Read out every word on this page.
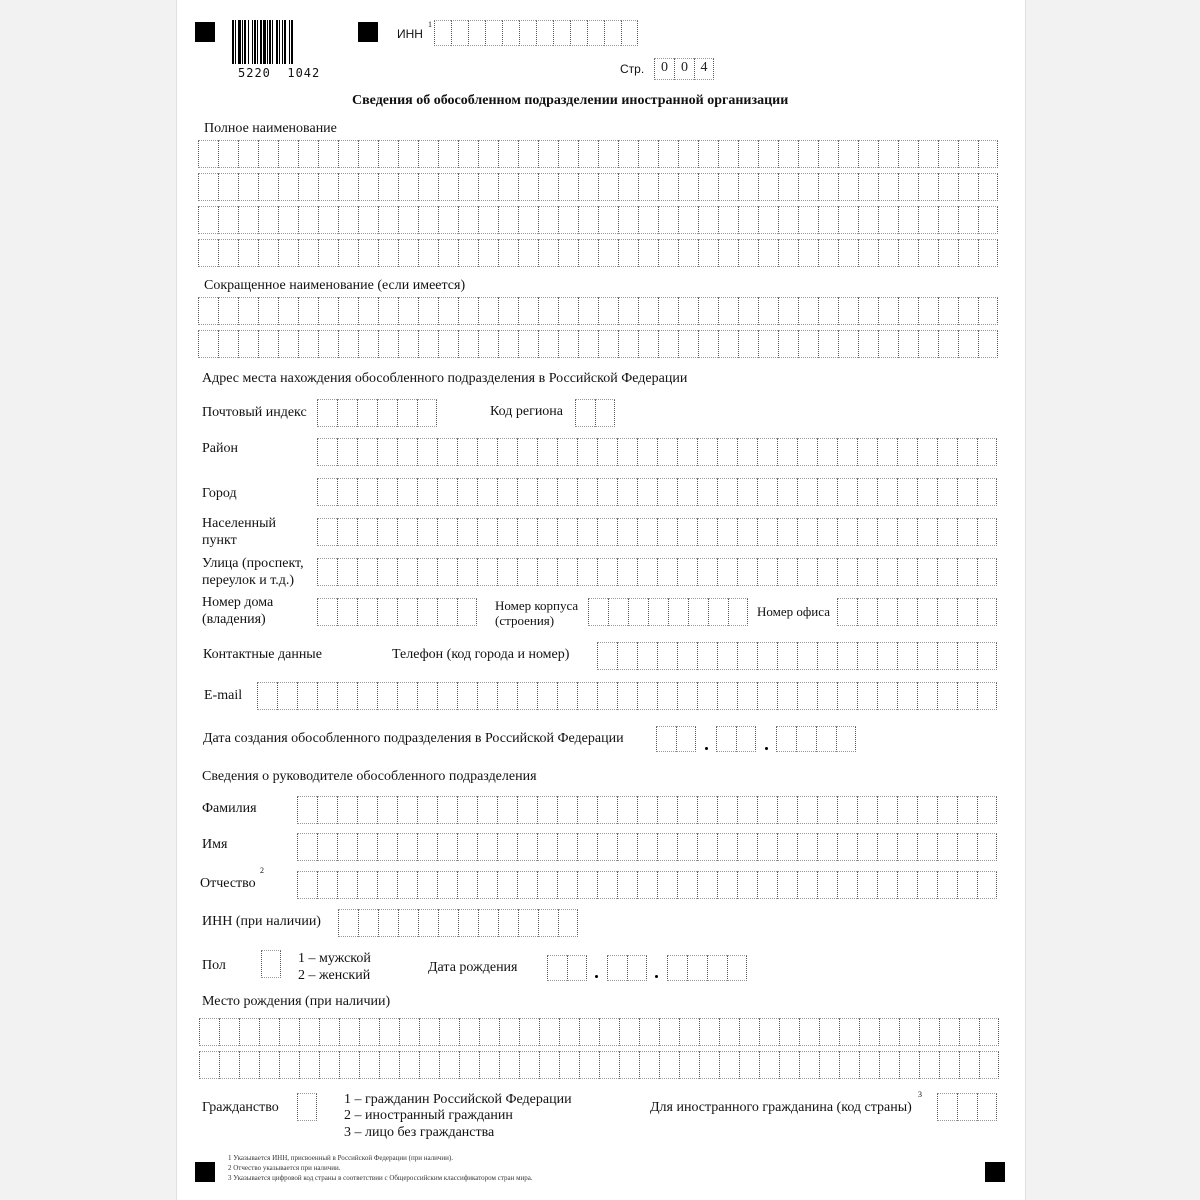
5220  1042
ИНН
1
Стр.	0 0 4
Сведения об обособленном подразделении иностранной организации
Полное наименование
Сокращенное наименование (если имеется)
Адрес места нахождения обособленного подразделения в Российской Федерации
Почтовый индекс	Код региона
Район
Город
Населенный
пункт
Улица (проспект,
переулок и т.д.)
Номер дома
(владения)
Номер корпуса
(строения)
Номер офиса
Контактные данные	Телефон (код города и номер)
E-mail
Дата создания обособленного подразделения в Российской Федерации
Сведения о руководителе обособленного подразделения
Фамилия
Имя
Отчество
2
ИНН (при наличии)
Пол	1 – мужской
2 – женский
Дата рождения
Место рождения (при наличии)
Гражданство
1 – гражданин Российской Федерации
2 – иностранный гражданин
3 – лицо без гражданства
Для иностранного гражданина (код страны)
3
1 Указывается ИНН, присвоенный в Российской Федерации (при наличии).
2 Отчество указывается при наличии.
3 Указывается цифровой код страны в соответствии с Общероссийским классификатором стран мира.
